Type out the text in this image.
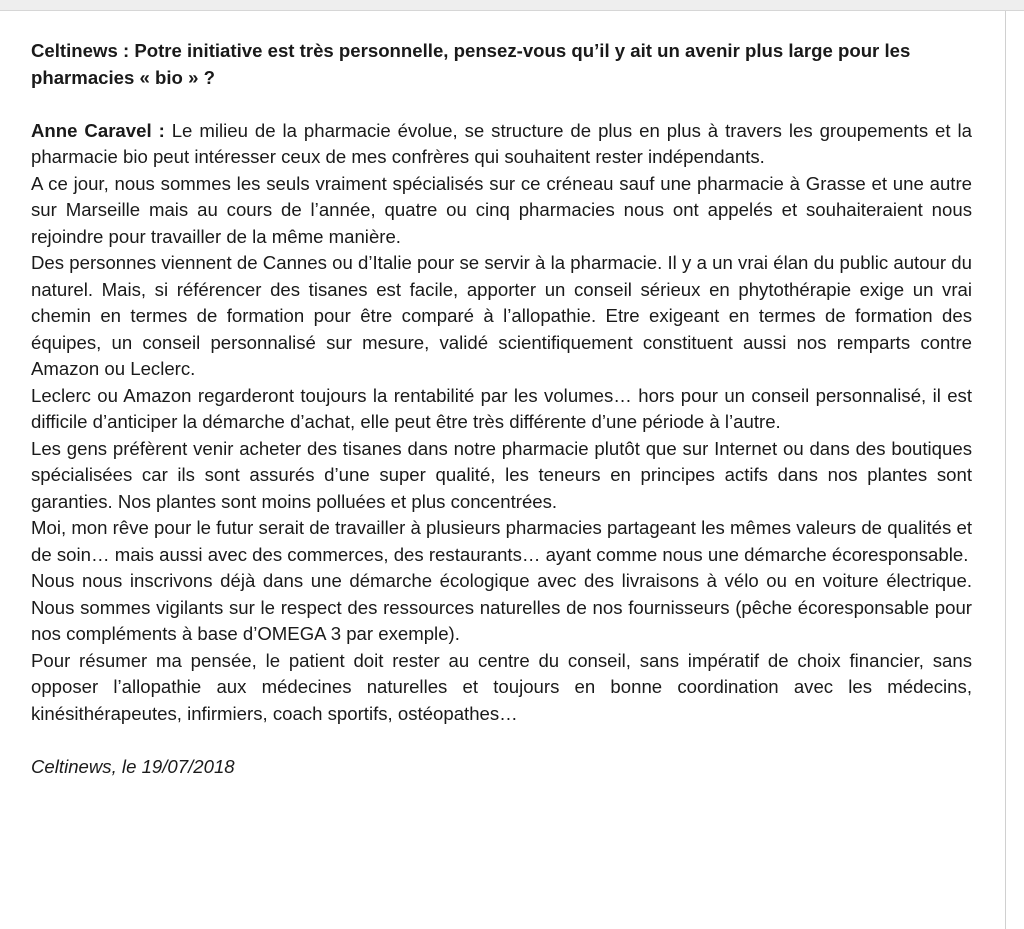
Celtinews : Potre initiative est très personnelle, pensez-vous qu’il y ait un avenir plus large pour les pharmacies « bio » ?

Anne Caravel : Le milieu de la pharmacie évolue, se structure de plus en plus à travers les groupements et la pharmacie bio peut intéresser ceux de mes confrères qui souhaitent rester indépendants.

A ce jour, nous sommes les seuls vraiment spécialisés sur ce créneau sauf une pharmacie à Grasse et une autre sur Marseille mais au cours de l’année, quatre ou cinq pharmacies nous ont appelés et souhaiteraient nous rejoindre pour travailler de la même manière.

Des personnes viennent de Cannes ou d’Italie pour se servir à la pharmacie. Il y a un vrai élan du public autour du naturel. Mais, si référencer des tisanes est facile, apporter un conseil sérieux en phytothérapie exige un vrai chemin en termes de formation pour être comparé à l’allopathie. Etre exigeant en termes de formation des équipes, un conseil personnalisé sur mesure, validé scientifiquement constituent aussi nos remparts contre Amazon ou Leclerc.

Leclerc ou Amazon regarderont toujours la rentabilité par les volumes… hors pour un conseil personnalisé, il est difficile d’anticiper la démarche d’achat, elle peut être très différente d’une période à l’autre.

Les gens préfèrent venir acheter des tisanes dans notre pharmacie plutôt que sur Internet ou dans des boutiques spécialisées car ils sont assurés d’une super qualité, les teneurs en principes actifs dans nos plantes sont garanties. Nos plantes sont moins polluées et plus concentrées.

Moi, mon rêve pour le futur serait de travailler à plusieurs pharmacies partageant les mêmes valeurs de qualités et de soin… mais aussi avec des commerces, des restaurants… ayant comme nous une démarche écoresponsable.

Nous nous inscrivons déjà dans une démarche écologique avec des livraisons à vélo ou en voiture électrique. Nous sommes vigilants sur le respect des ressources naturelles de nos fournisseurs (pêche écoresponsable pour nos compléments à base d’OMEGA 3 par exemple).

Pour résumer ma pensée, le patient doit rester au centre du conseil, sans impératif de choix financier, sans opposer l’allopathie aux médecines naturelles et toujours en bonne coordination avec les médecins, kinésithérapeutes, infirmiers, coach sportifs, ostéopathes…

Celtinews, le 19/07/2018
